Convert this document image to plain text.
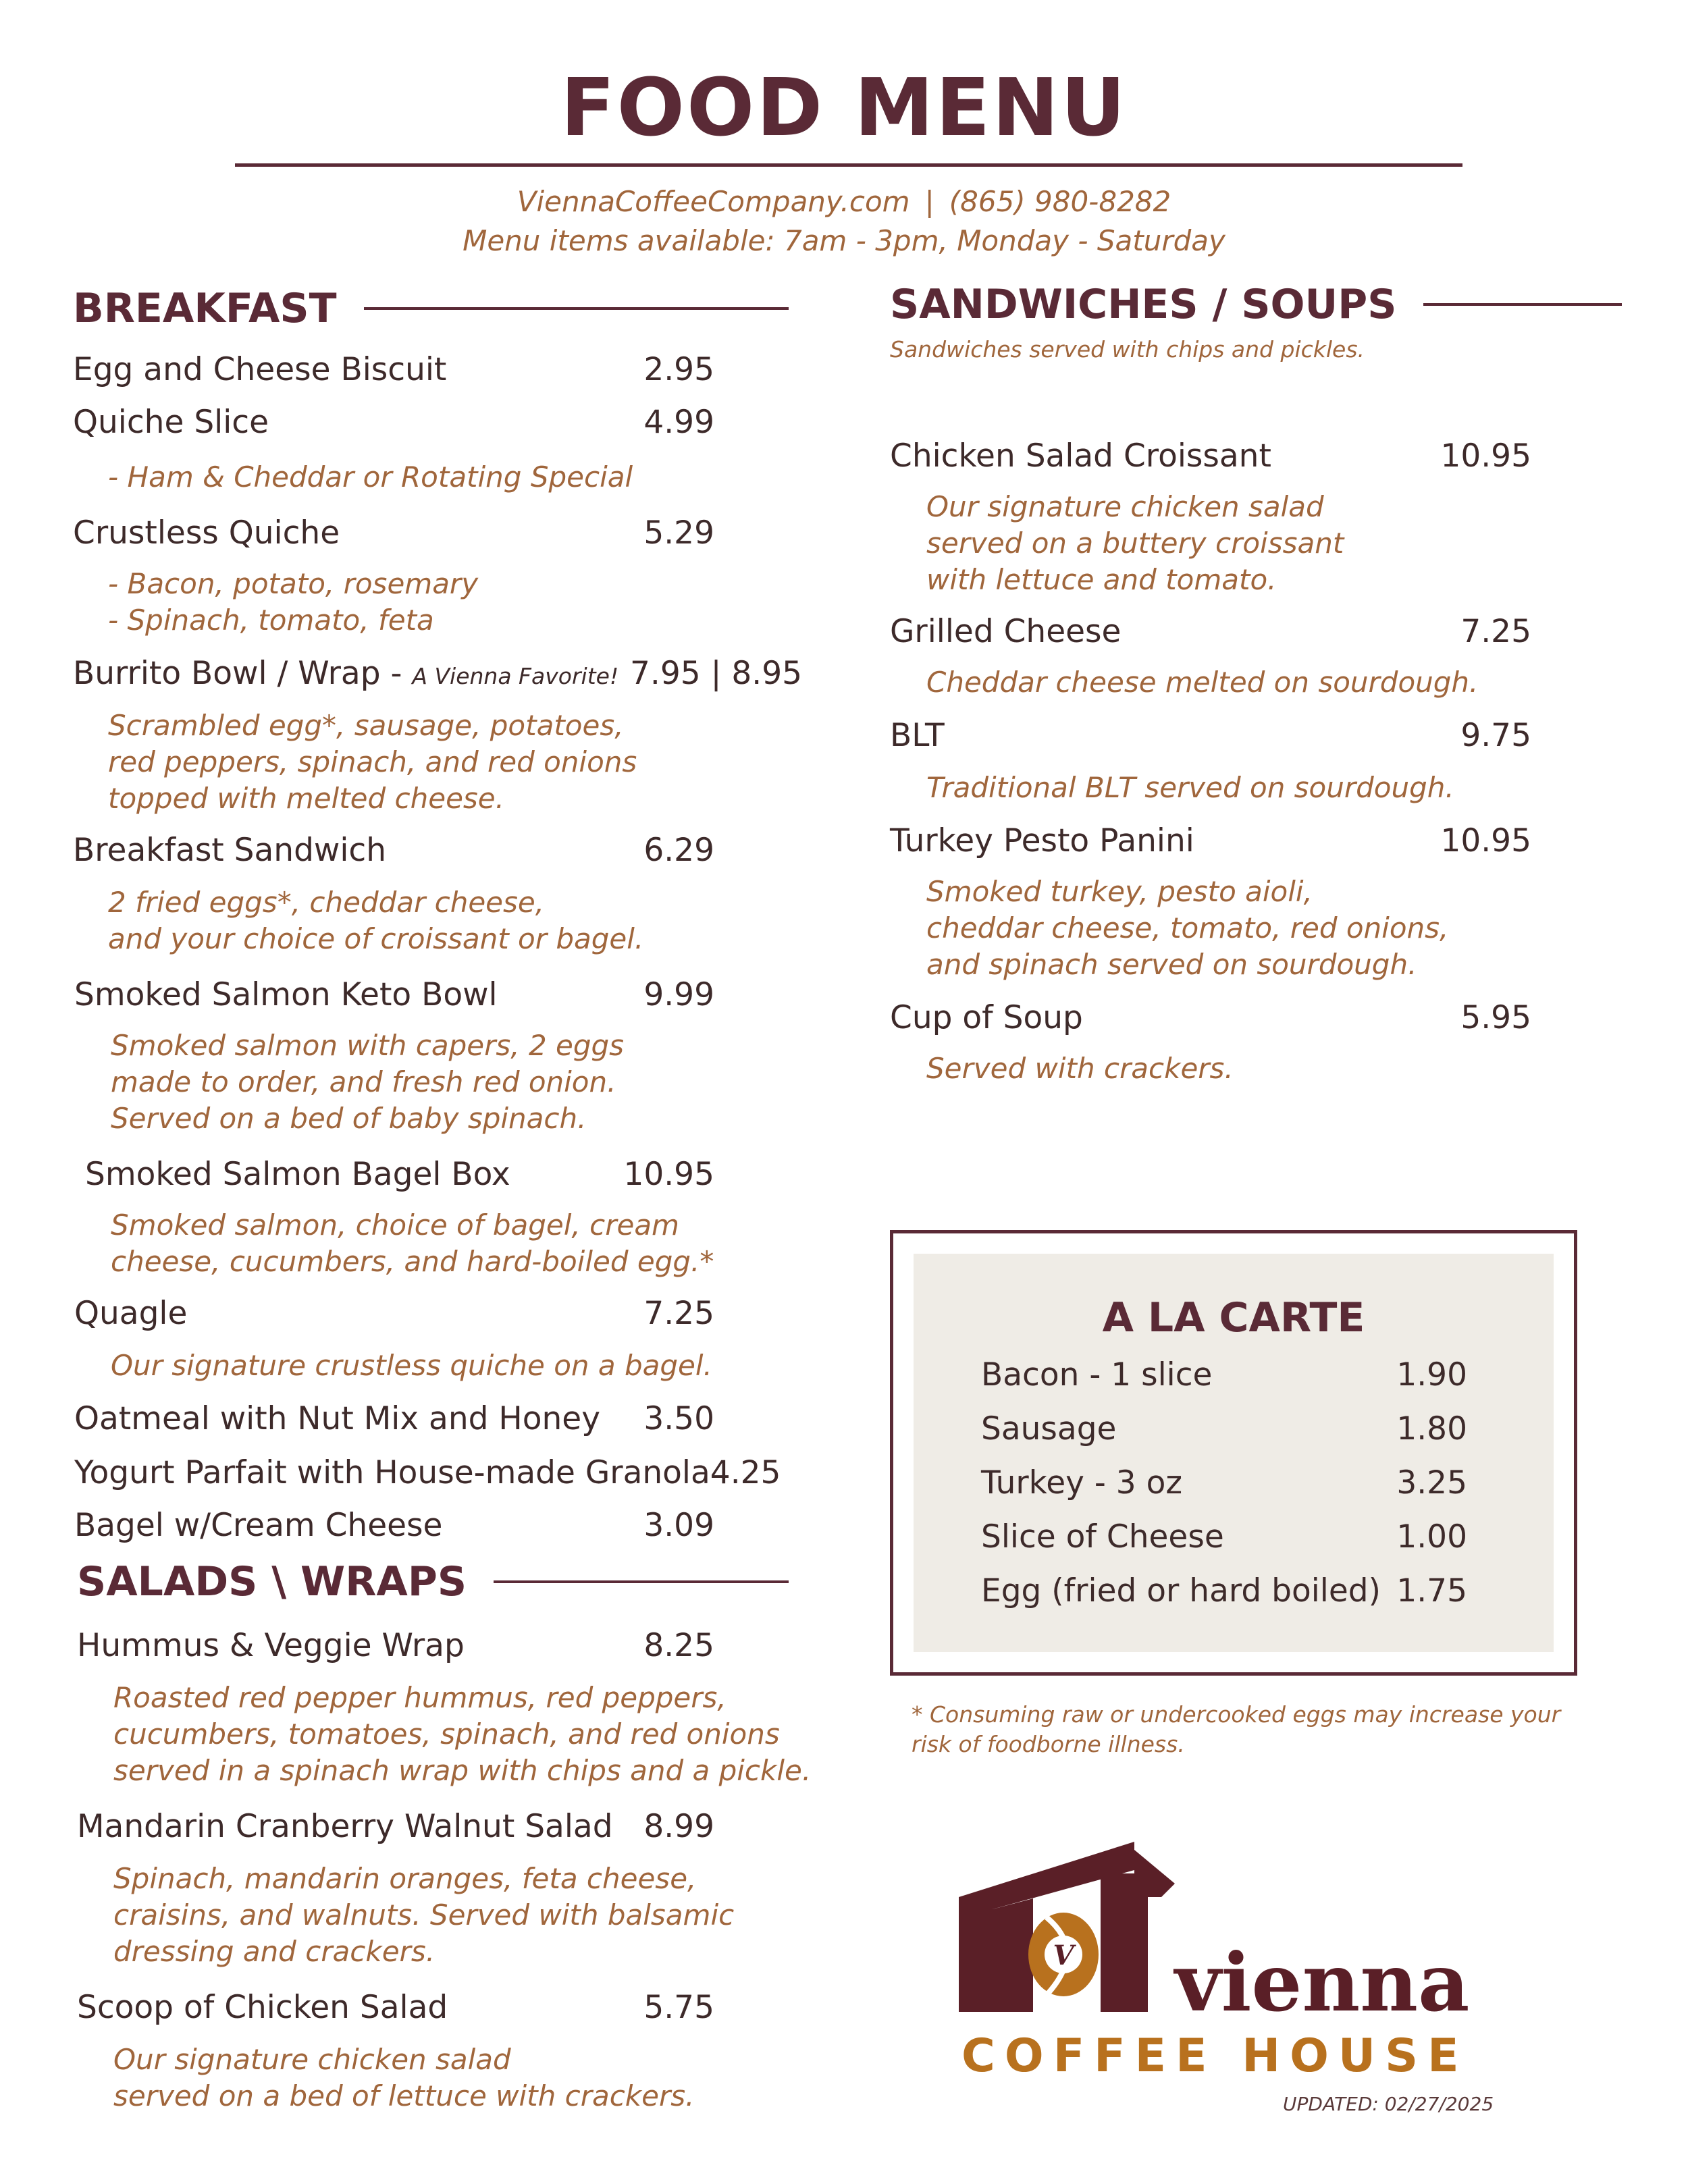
FOOD MENU
ViennaCoffeeCompany.com | (865) 980-8282
Menu items available: 7am - 3pm, Monday - Saturday
BREAKFAST
Egg and Cheese Biscuit	2.95
Quiche Slice	4.99
- Ham & Cheddar or Rotating Special
Crustless Quiche	5.29
- Bacon, potato, rosemary
- Spinach, tomato, feta
Burrito Bowl / Wrap - A Vienna Favorite! 7.95 | 8.95
Scrambled egg*, sausage, potatoes,
red peppers, spinach, and red onions
topped with melted cheese.
Breakfast Sandwich	6.29
2 fried eggs*, cheddar cheese,
and your choice of croissant or bagel.
Smoked Salmon Keto Bowl	9.99
Smoked salmon with capers, 2 eggs
made to order, and fresh red onion.
Served on a bed of baby spinach.
Smoked Salmon Bagel Box	10.95
Smoked salmon, choice of bagel, cream
cheese, cucumbers, and hard-boiled egg.*
Quagle	7.25
Our signature crustless quiche on a bagel.
Oatmeal with Nut Mix and Honey	3.50
Yogurt Parfait with House-made Granola 4.25
Bagel w/Cream Cheese	3.09
SALADS \ WRAPS
Hummus & Veggie Wrap	8.25
Roasted red pepper hummus, red peppers,
cucumbers, tomatoes, spinach, and red onions
served in a spinach wrap with chips and a pickle.
Mandarin Cranberry Walnut Salad 8.99
Spinach, mandarin oranges, feta cheese,
craisins, and walnuts. Served with balsamic
dressing and crackers.
Scoop of Chicken Salad	5.75
Our signature chicken salad
served on a bed of lettuce with crackers.
SANDWICHES / SOUPS
Sandwiches served with chips and pickles.
Chicken Salad Croissant	10.95
Our signature chicken salad
served on a buttery croissant
with lettuce and tomato.
Grilled Cheese	7.25
Cheddar cheese melted on sourdough.
BLT	9.75
Traditional BLT served on sourdough.
Turkey Pesto Panini	10.95
Smoked turkey, pesto aioli,
cheddar cheese, tomato, red onions,
and spinach served on sourdough.
Cup of Soup	5.95
Served with crackers.
A LA CARTE
Bacon - 1 slice	1.90
Sausage	1.80
Turkey - 3 oz	3.25
Slice of Cheese	1.00
Egg (fried or hard boiled) 1.75
* Consuming raw or undercooked eggs may increase your risk of foodborne illness.
V vienna
COFFEE HOUSE
UPDATED: 02/27/2025
